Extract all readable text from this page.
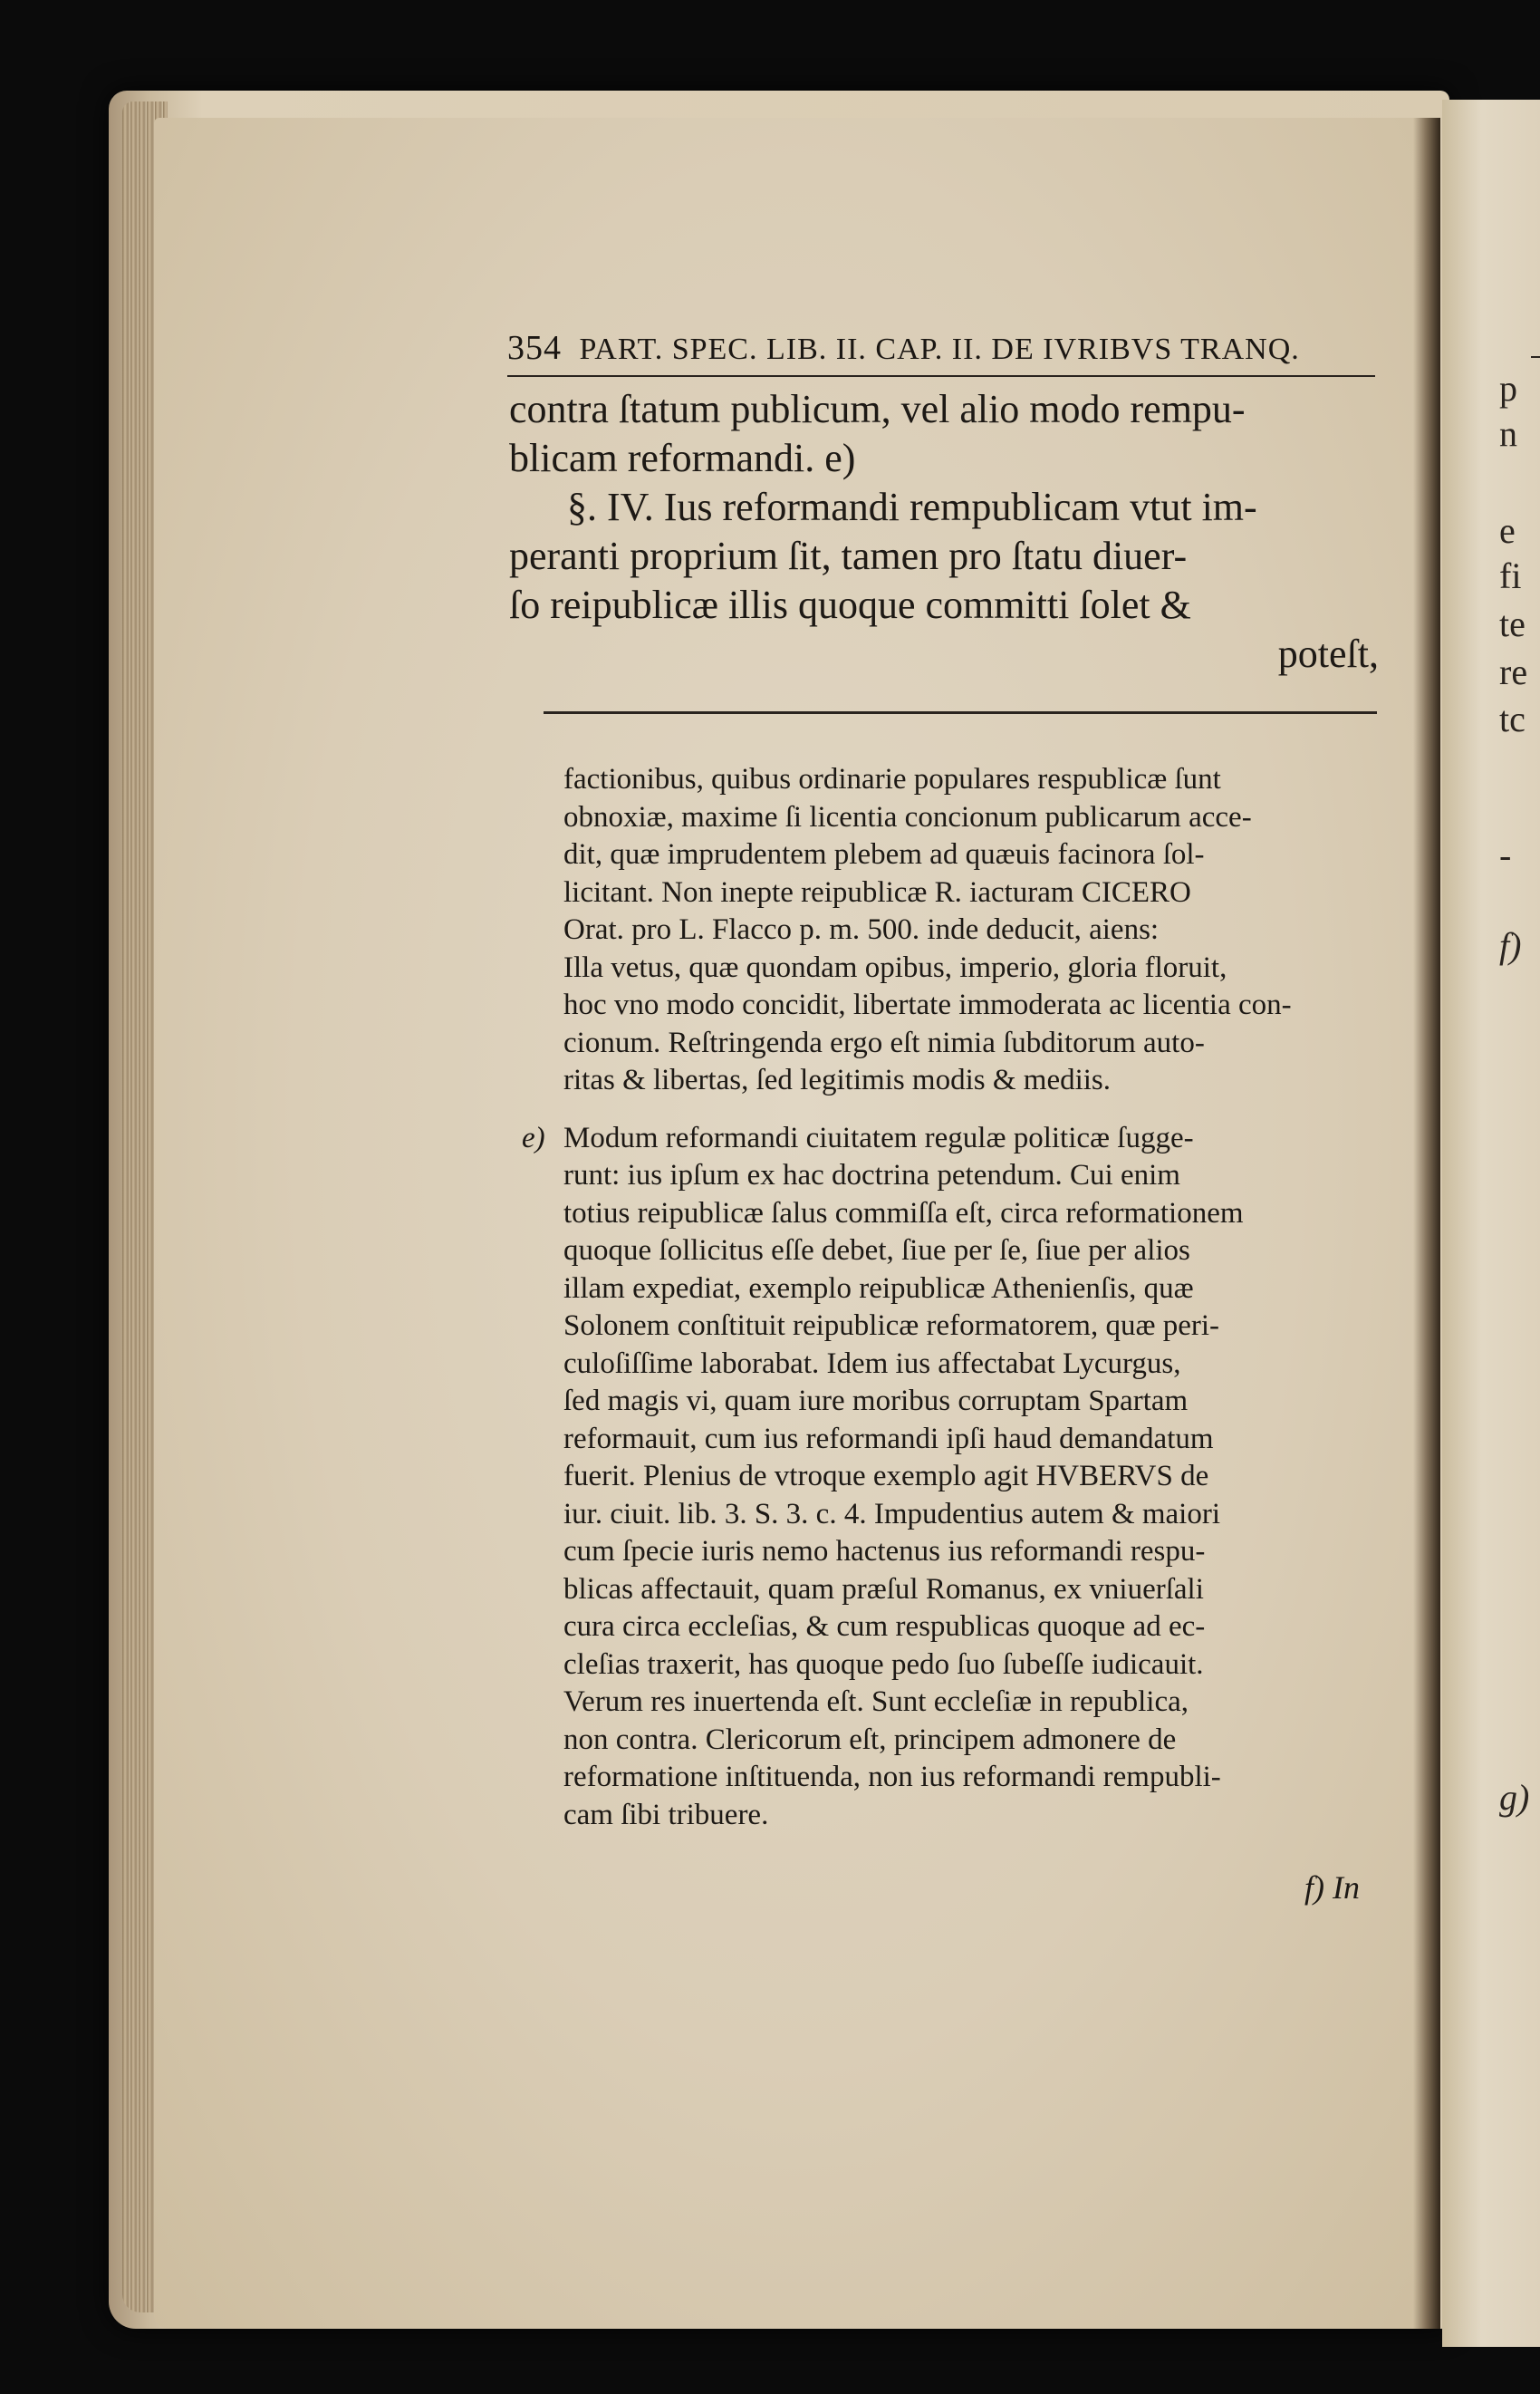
354 PART. SPEC. LIB. II. CAP. II. DE IVRIBVS TRANQ.

contra ſtatum publicum, vel alio modo rempu-

blicam reformandi. e)

§. IV. Ius reformandi rempublicam vtut im-

peranti proprium ſit, tamen pro ſtatu diuer-

ſo reipublicæ illis quoque committi ſolet &

poteſt,

factionibus, quibus ordinarie populares respublicæ ſunt

obnoxiæ, maxime ſi licentia concionum publicarum acce-

dit, quæ imprudentem plebem ad quæuis facinora ſol-

licitant. Non inepte reipublicæ R. iacturam CICERO

Orat. pro L. Flacco p. m. 500. inde deducit, aiens:

Illa vetus, quæ quondam opibus, imperio, gloria floruit,

hoc vno modo concidit, libertate immoderata ac licentia con-

cionum. Reſtringenda ergo eſt nimia ſubditorum auto-

ritas & libertas, ſed legitimis modis & mediis.

e) Modum reformandi ciuitatem regulæ politicæ ſugge-

runt: ius ipſum ex hac doctrina petendum. Cui enim

totius reipublicæ ſalus commiſſa eſt, circa reformationem

quoque ſollicitus eſſe debet, ſiue per ſe, ſiue per alios

illam expediat, exemplo reipublicæ Athenienſis, quæ

Solonem conſtituit reipublicæ reformatorem, quæ peri-

culoſiſſime laborabat. Idem ius affectabat Lycurgus,

ſed magis vi, quam iure moribus corruptam Spartam

reformauit, cum ius reformandi ipſi haud demandatum

fuerit. Plenius de vtroque exemplo agit HVBERVS de

iur. ciuit. lib. 3. S. 3. c. 4. Impudentius autem & maiori

cum ſpecie iuris nemo hactenus ius reformandi respu-

blicas affectauit, quam præſul Romanus, ex vniuerſali

cura circa eccleſias, & cum respublicas quoque ad ec-

cleſias traxerit, has quoque pedo ſuo ſubeſſe iudicauit.

Verum res inuertenda eſt. Sunt eccleſiæ in republica,

non contra. Clericorum eſt, principem admonere de

reformatione inſtituenda, non ius reformandi rempubli-

cam ſibi tribuere.

f) In
p
n
e
fi
te
re
tc
-
f)
g)
